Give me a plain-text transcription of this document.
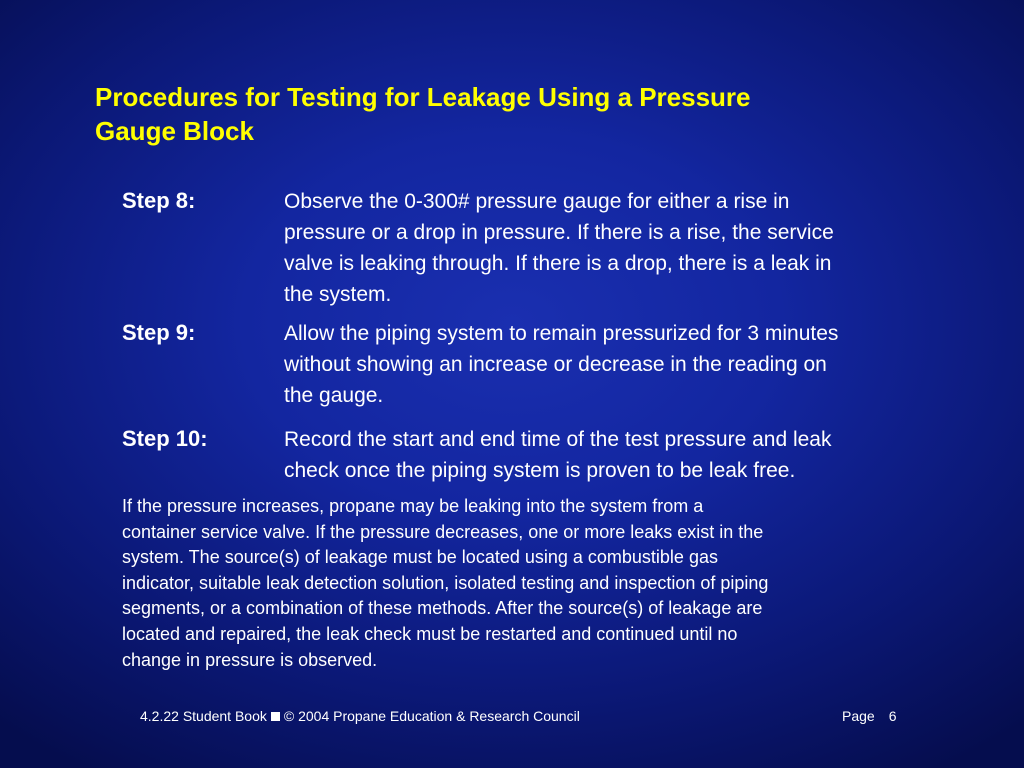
Procedures for Testing for Leakage Using a Pressure
Gauge Block
Step 8:	Observe the 0-300# pressure gauge for either a rise in
pressure or a drop in pressure. If there is a rise, the service
valve is leaking through. If there is a drop, there is a leak in
the system.
Step 9:	Allow the piping system to remain pressurized for 3 minutes
without showing an increase or decrease in the reading on
the gauge.
Step 10:	Record the start and end time of the test pressure and leak
check once the piping system is proven to be leak free.
If the pressure increases, propane may be leaking into the system from a
container service valve. If the pressure decreases, one or more leaks exist in the
system. The source(s) of leakage must be located using a combustible gas
indicator, suitable leak detection solution, isolated testing and inspection of piping
segments, or a combination of these methods. After the source(s) of leakage are
located and repaired, the leak check must be restarted and continued until no
change in pressure is observed.
4.2.22 Student Book © 2004 Propane Education & Research Council	Page 6
